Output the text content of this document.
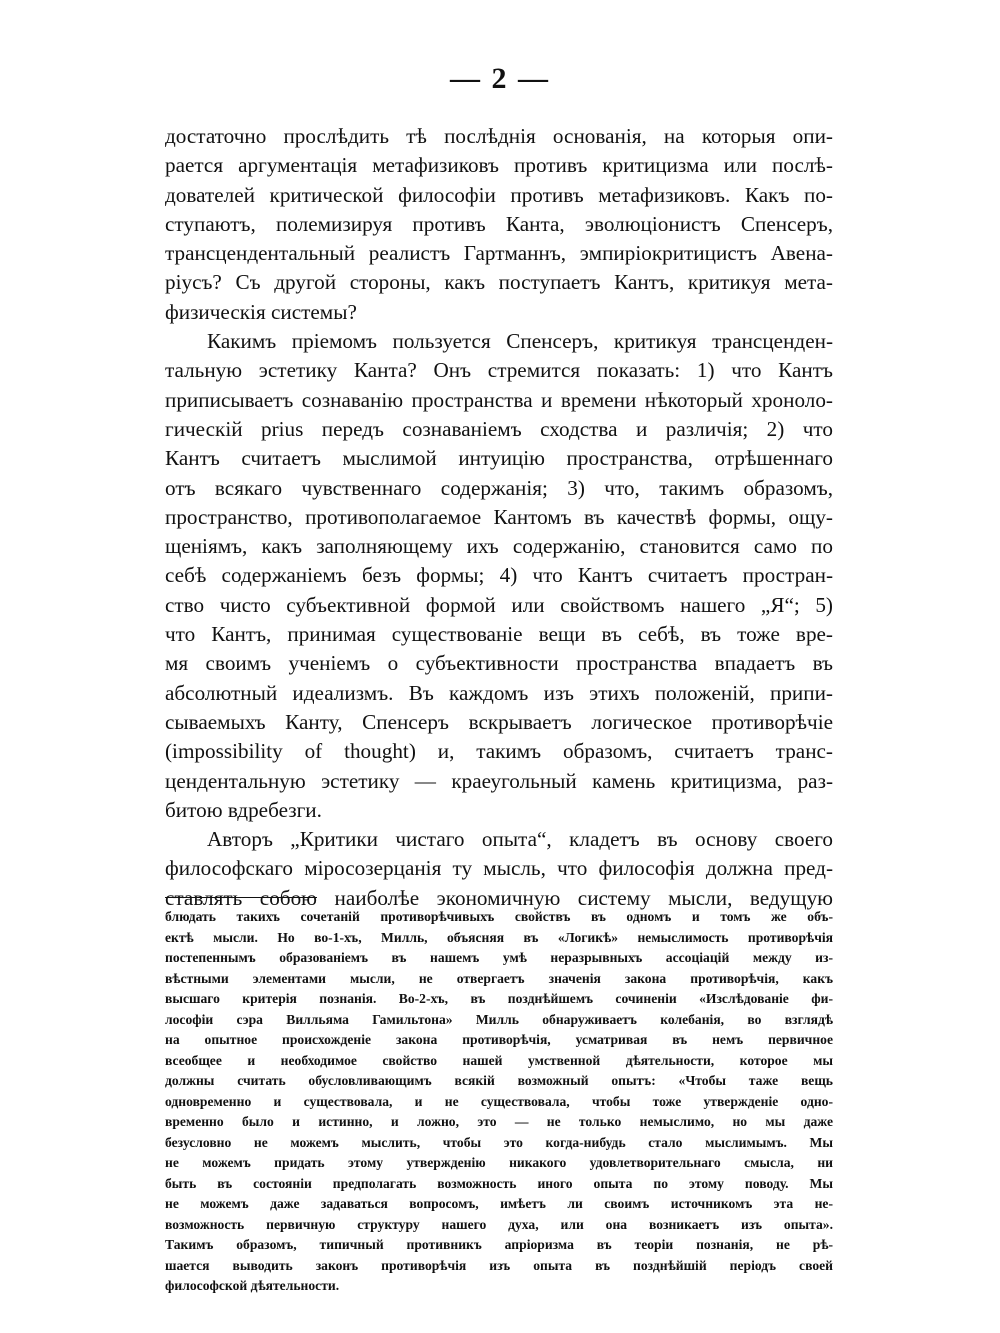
— 2 —
достаточно прослѣдить тѣ послѣднія основанія, на которыя опи-
рается аргументація метафизиковъ противъ критицизма или послѣ-
дователей критической философіи противъ метафизиковъ. Какъ по-
ступаютъ, полемизируя противъ Канта, эволюціонистъ Спенсеръ,
трансцендентальный реалистъ Гартманнъ, эмпиріокритицистъ Авена-
ріусъ? Съ другой стороны, какъ поступаетъ Кантъ, критикуя мета-
физическія системы?
Какимъ пріемомъ пользуется Спенсеръ, критикуя трансценден-
тальную эстетику Канта? Онъ стремится показать: 1) что Кантъ
приписываетъ сознаванію пространства и времени нѣкоторый хроноло-
гическій prius передъ сознаваніемъ сходства и различія; 2) что
Кантъ считаетъ мыслимой интуицію пространства, отрѣшеннаго
отъ всякаго чувственнаго содержанія; 3) что, такимъ образомъ,
пространство, противополагаемое Кантомъ въ качествѣ формы, ощу-
щеніямъ, какъ заполняющему ихъ содержанію, становится само по
себѣ содержаніемъ безъ формы; 4) что Кантъ считаетъ простран-
ство чисто субъективной формой или свойствомъ нашего „Я“; 5)
что Кантъ, принимая существованіе вещи въ себѣ, въ тоже вре-
мя своимъ ученіемъ о субъективности пространства впадаетъ въ
абсолютный идеализмъ. Въ каждомъ изъ этихъ положеній, припи-
сываемыхъ Канту, Спенсеръ вскрываетъ логическое противорѣчіе
(impossibility of thought) и, такимъ образомъ, считаетъ транс-
цендентальную эстетику — краеугольный камень критицизма, раз-
битою вдребезги.
Авторъ „Критики чистаго опыта“, кладетъ въ основу своего
философскаго міросозерцанія ту мысль, что философія должна пред-
ставлять собою наиболѣе экономичную систему мысли, ведущую
блюдать такихъ сочетаній противорѣчивыхъ свойствъ въ одномъ и томъ же объ-
ектѣ мысли. Но во-1-хъ, Милль, объясняя въ «Логикѣ» немыслимость противорѣчія
постепеннымъ образованіемъ въ нашемъ умѣ неразрывныхъ ассоціацій между из-
вѣстными элементами мысли, не отвергаетъ значенія закона противорѣчія, какъ
высшаго критерія познанія. Во-2-хъ, въ позднѣйшемъ сочиненіи «Изслѣдованіе фи-
лософіи сэра Вилльяма Гамильтона» Милль обнаруживаетъ колебанія, во взглядѣ
на опытное происхожденіе закона противорѣчія, усматривая въ немъ первичное
всеобщее и необходимое свойство нашей умственной дѣятельности, которое мы
должны считать обусловливающимъ всякій возможный опытъ: «Чтобы таже вещь
одновременно и существовала, и не существовала, чтобы тоже утвержденіе одно-
временно было и истинно, и ложно, это — не только немыслимо, но мы даже
безусловно не можемъ мыслить, чтобы это когда-нибудь стало мыслимымъ. Мы
не можемъ придать этому утвержденію никакого удовлетворительнаго смысла, ни
быть въ состояніи предполагать возможность иного опыта по этому поводу. Мы
не можемъ даже задаваться вопросомъ, имѣетъ ли своимъ источникомъ эта не-
возможность первичную структуру нашего духа, или она возникаетъ изъ опыта».
Такимъ образомъ, типичный противникъ апріоризма въ теоріи познанія, не рѣ-
шается выводить законъ противорѣчія изъ опыта въ позднѣйшій періодъ своей
философской дѣятельности.
